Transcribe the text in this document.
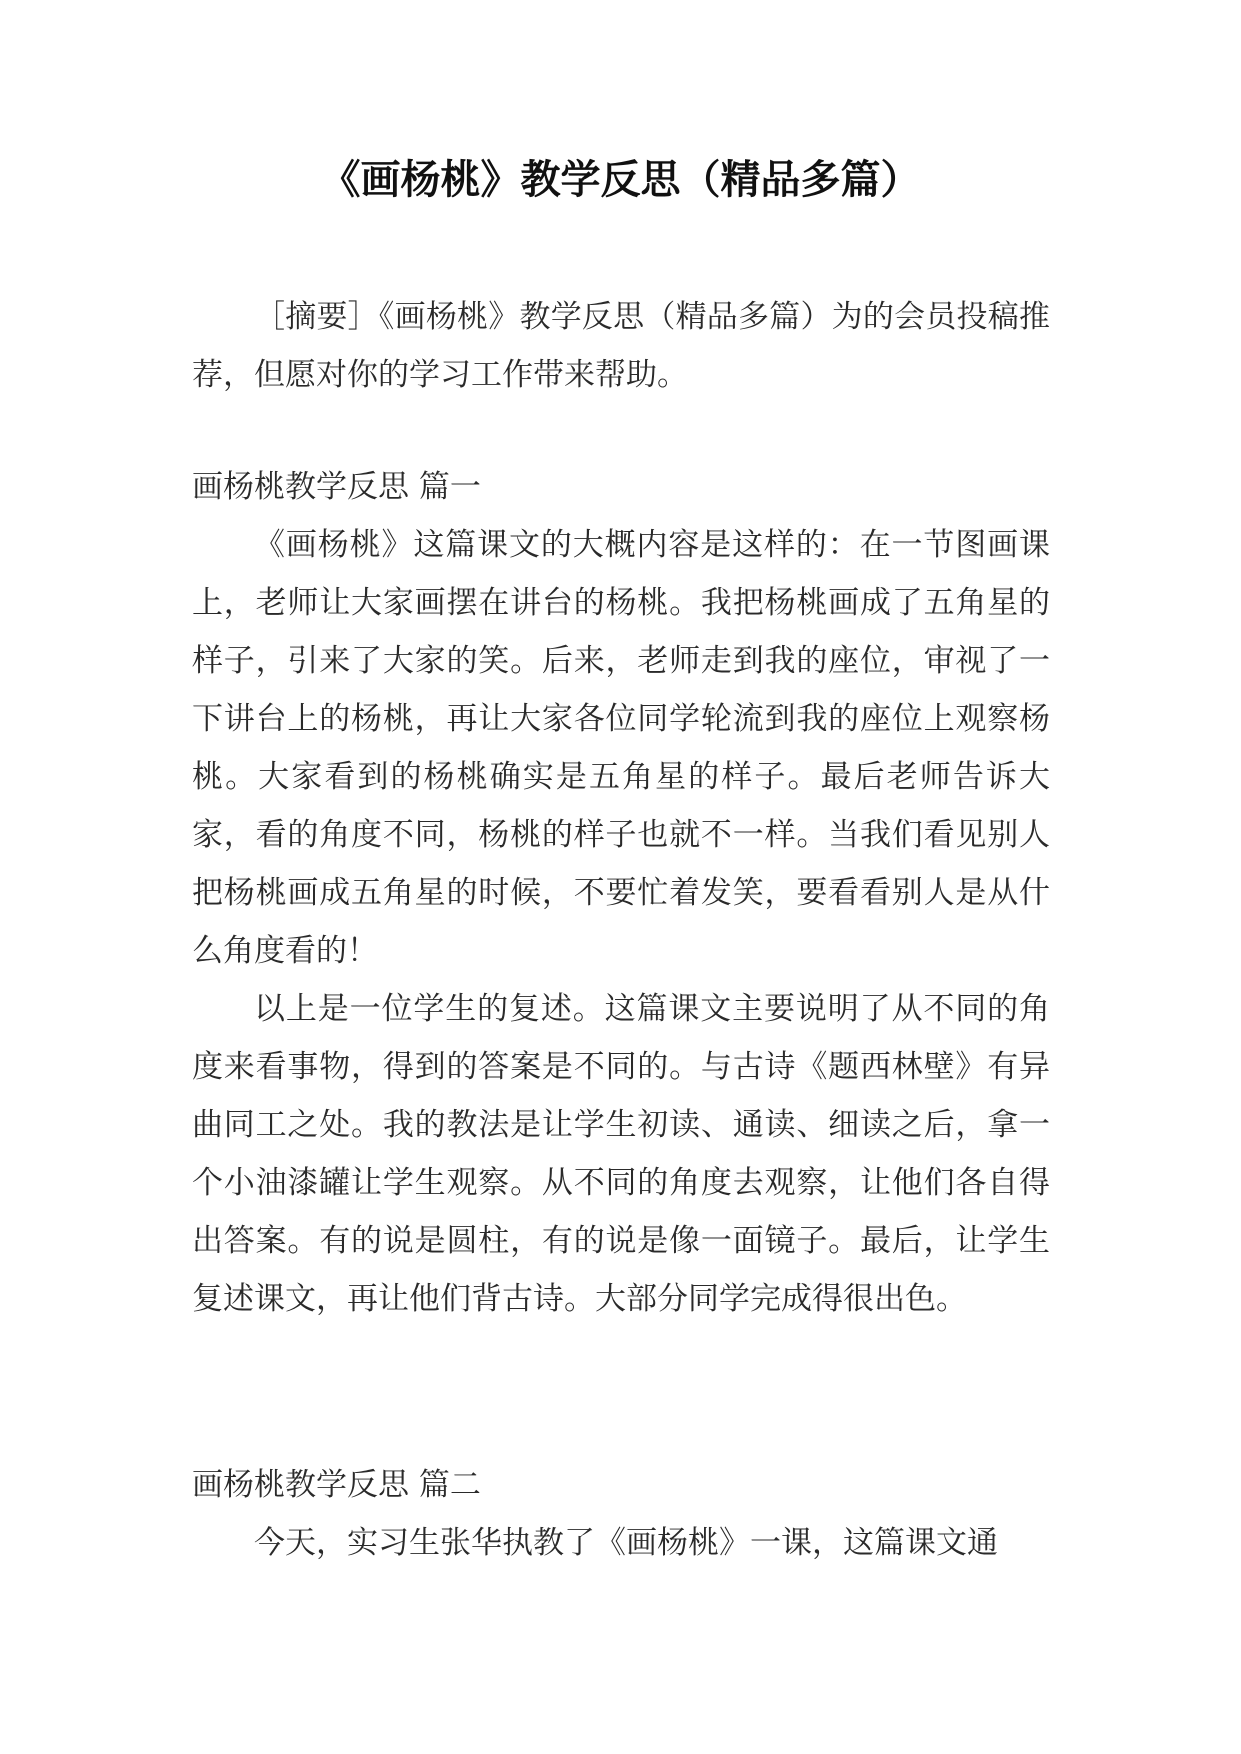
《画杨桃》教学反思（精品多篇）

［摘要］《画杨桃》教学反思（精品多篇）为的会员投稿推荐，但愿对你的学习工作带来帮助。

画杨桃教学反思 篇一

《画杨桃》这篇课文的大概内容是这样的：在一节图画课上，老师让大家画摆在讲台的杨桃。我把杨桃画成了五角星的样子，引来了大家的笑。后来，老师走到我的座位，审视了一下讲台上的杨桃，再让大家各位同学轮流到我的座位上观察杨桃。大家看到的杨桃确实是五角星的样子。最后老师告诉大家，看的角度不同，杨桃的样子也就不一样。当我们看见别人把杨桃画成五角星的时候，不要忙着发笑，要看看别人是从什么角度看的！

以上是一位学生的复述。这篇课文主要说明了从不同的角度来看事物，得到的答案是不同的。与古诗《题西林壁》有异曲同工之处。我的教法是让学生初读、通读、细读之后，拿一个小油漆罐让学生观察。从不同的角度去观察，让他们各自得出答案。有的说是圆柱，有的说是像一面镜子。最后，让学生复述课文，再让他们背古诗。大部分同学完成得很出色。

画杨桃教学反思 篇二

今天，实习生张华执教了《画杨桃》一课，这篇课文通
